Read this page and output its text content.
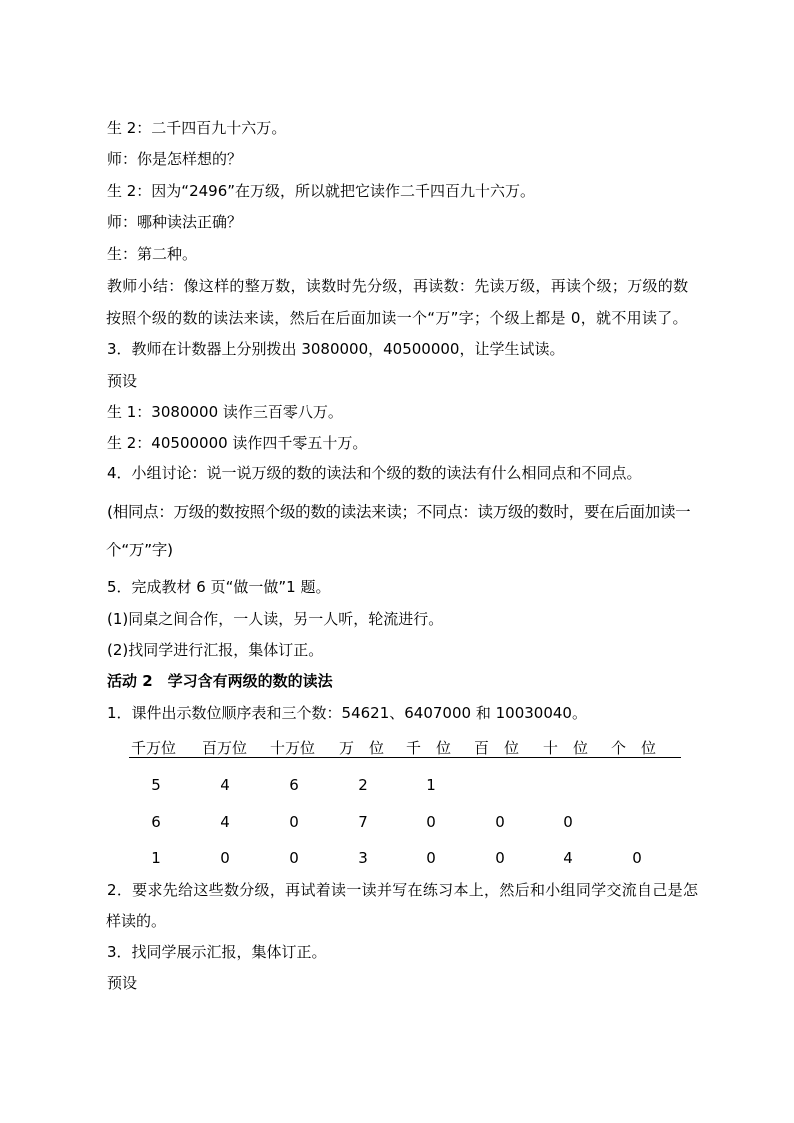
生 2：二千四百九十六万。
师：你是怎样想的？
生 2：因为“2496”在万级，所以就把它读作二千四百九十六万。
师：哪种读法正确？
生：第二种。
教师小结：像这样的整万数，读数时先分级，再读数：先读万级，再读个级；万级的数
按照个级的数的读法来读，然后在后面加读一个“万”字；个级上都是 0，就不用读了。
3．教师在计数器上分别拨出 3080000，40500000，让学生试读。
预设
生 1：3080000 读作三百零八万。
生 2：40500000 读作四千零五十万。
4．小组讨论：说一说万级的数的读法和个级的数的读法有什么相同点和不同点。
(相同点：万级的数按照个级的数的读法来读；不同点：读万级的数时，要在后面加读一
个“万”字)
5．完成教材 6 页“做一做”1 题。
(1)同桌之间合作，一人读，另一人听，轮流进行。
(2)找同学进行汇报，集体订正。
活动 2　学习含有两级的数的读法
1．课件出示数位顺序表和三个数：54621、6407000 和 10030040。
千万位 百万位 十万位 万　位 千　位 百　位 十　位 个　位
5	4	6	2	1
6	4	0	7	0	0	0
1	0	0	3	0	0	4	0
2．要求先给这些数分级，再试着读一读并写在练习本上，然后和小组同学交流自己是怎
样读的。
3．找同学展示汇报，集体订正。
预设
